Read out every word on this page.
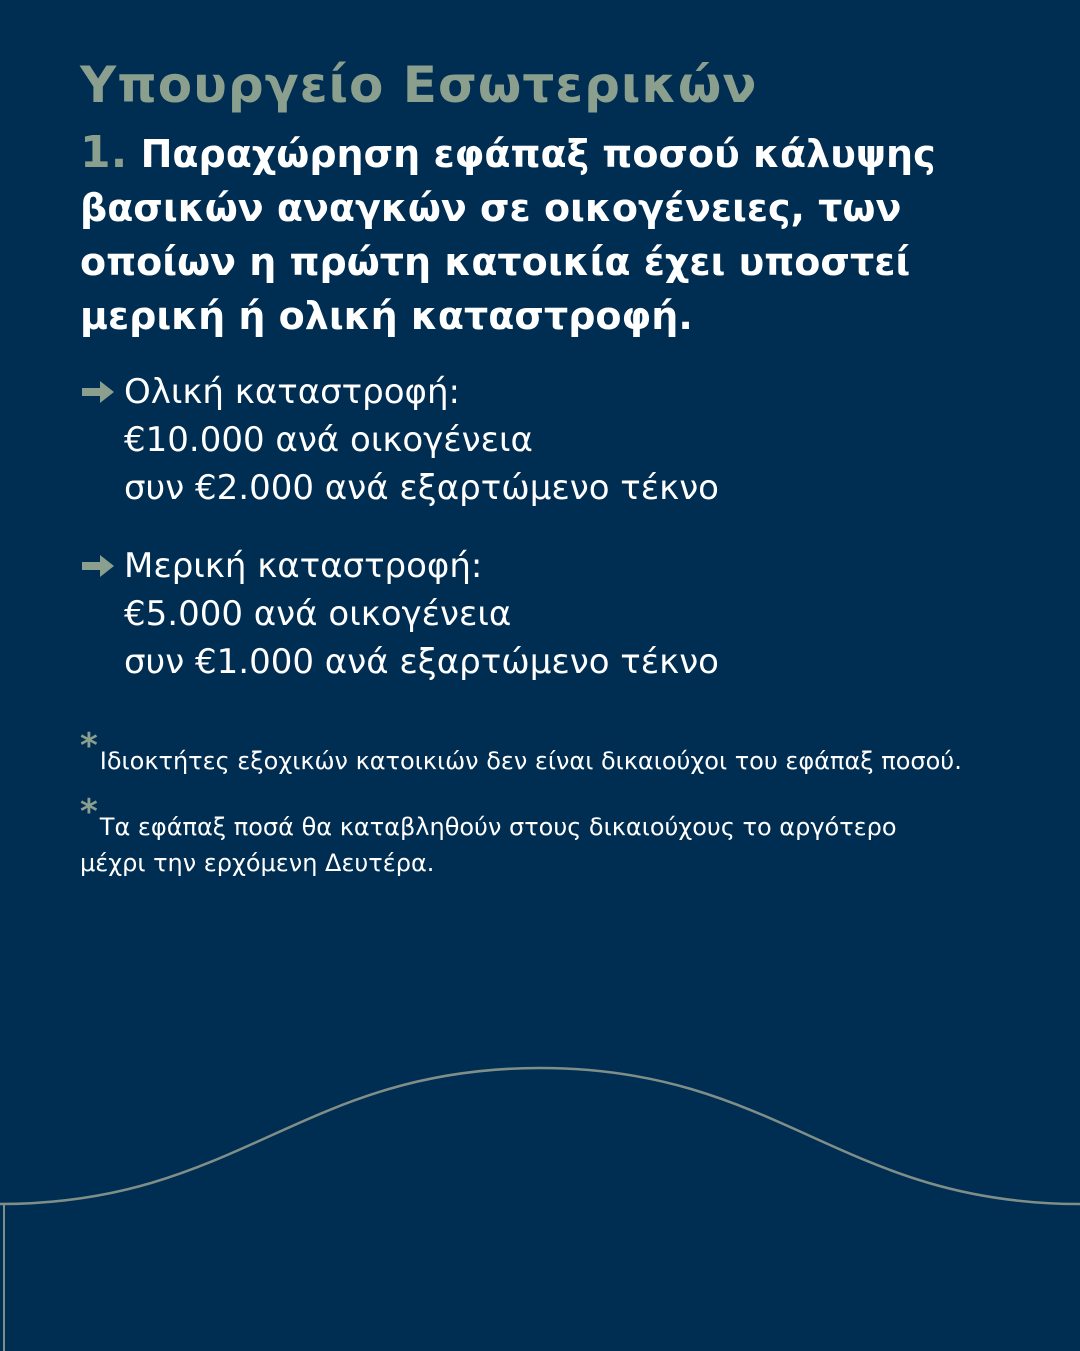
Υπουργείο Εσωτερικών

1. Παραχώρηση εφάπαξ ποσού κάλυψης βασικών αναγκών σε οικογένειες, των οποίων η πρώτη κατοικία έχει υποστεί μερική ή ολική καταστροφή.

Ολική καταστροφή:
€10.000 ανά οικογένεια
συν €2.000 ανά εξαρτώμενο τέκνο
Μερική καταστροφή:
€5.000 ανά οικογένεια
συν €1.000 ανά εξαρτώμενο τέκνο
*Ιδιοκτήτες εξοχικών κατοικιών δεν είναι δικαιούχοι του εφάπαξ ποσού.
*Τα εφάπαξ ποσά θα καταβληθούν στους δικαιούχους το αργότερο μέχρι την ερχόμενη Δευτέρα.
